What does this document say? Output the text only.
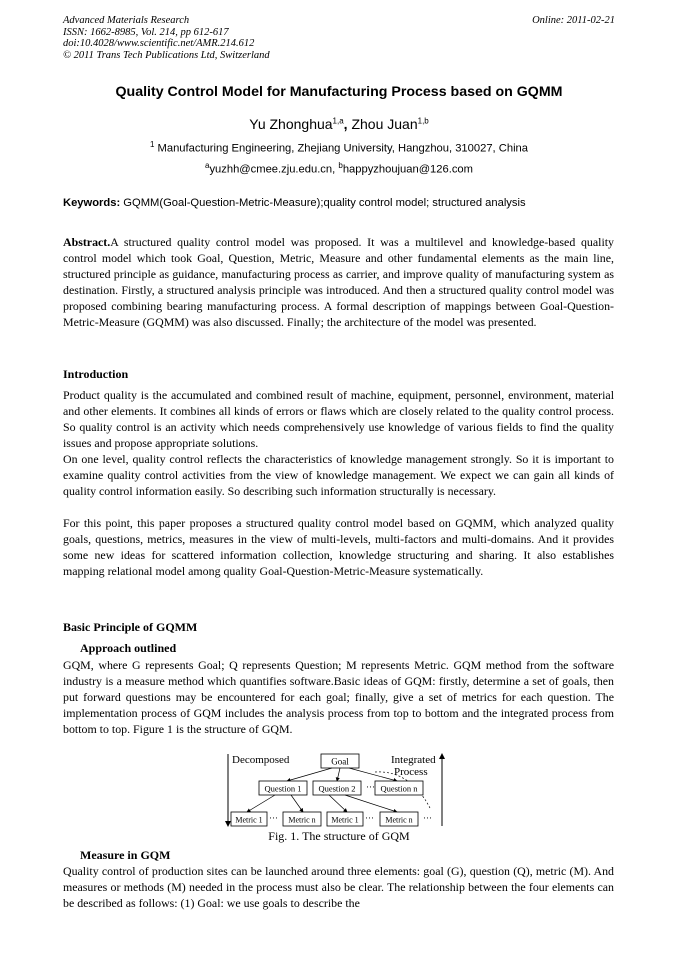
Advanced Materials Research
ISSN: 1662-8985, Vol. 214, pp 612-617
doi:10.4028/www.scientific.net/AMR.214.612
© 2011 Trans Tech Publications Ltd, Switzerland
Online: 2011-02-21
Quality Control Model for Manufacturing Process based on GQMM
Yu Zhonghua$^{1,a}$, Zhou Juan$^{1,b}$
$^1$ Manufacturing Engineering, Zhejiang University, Hangzhou, 310027, China
$^a$yuzhh@cmee.zju.edu.cn, $^b$happyzhoujuan@126.com
Keywords: GQMM(Goal-Question-Metric-Measure);quality control model; structured analysis
Abstract.A structured quality control model was proposed. It was a multilevel and knowledge-based quality control model which took Goal, Question, Metric, Measure and other fundamental elements as the main line, structured principle as guidance, manufacturing process as carrier, and improve quality of manufacturing system as destination. Firstly, a structured analysis principle was introduced. And then a structured quality control model was proposed combining bearing manufacturing process. A formal description of mappings between Goal-Question-Metric-Measure (GQMM) was also discussed. Finally; the architecture of the model was presented.
Introduction
Product quality is the accumulated and combined result of machine, equipment, personnel, environment, material and other elements. It combines all kinds of errors or flaws which are closely related to the quality control process. So quality control is an activity which needs comprehensively use knowledge of various fields to find the quality issues and propose appropriate solutions.
On one level, quality control reflects the characteristics of knowledge management strongly. So it is important to examine quality control activities from the view of knowledge management. We expect we can gain all kinds of quality control information easily. So describing such information structurally is necessary.
For this point, this paper proposes a structured quality control model based on GQMM, which analyzed quality goals, questions, metrics, measures in the view of multi-levels, multi-factors and multi-domains. And it provides some new ideas for scattered information collection, knowledge structuring and sharing. It also establishes mapping relational model among quality Goal-Question-Metric-Measure systematically.
Basic Principle of GQMM
Approach outlined
GQM, where G represents Goal; Q represents Question; M represents Metric. GQM method from the software industry is a measure method which quantifies software.Basic ideas of GQM: firstly, determine a set of goals, then put forward questions may be encountered for each goal; finally, give a set of metrics for each question. The implementation process of GQM includes the analysis process from top to bottom and the integrated process from bottom to top. Figure 1 is the structure of GQM.
Decomposed	Integrated
Process
Goal
Question 1 Question 2 ··· Question n
Metric 1 ··· Metric n Metric 1 ··· Metric n ···
Fig. 1. The structure of GQM
Measure in GQM
Quality control of production sites can be launched around three elements: goal (G), question (Q), metric (M). And measures or methods (M) needed in the process must also be clear. The relationship between the four elements can be described as follows: (1) Goal: we use goals to describe the
